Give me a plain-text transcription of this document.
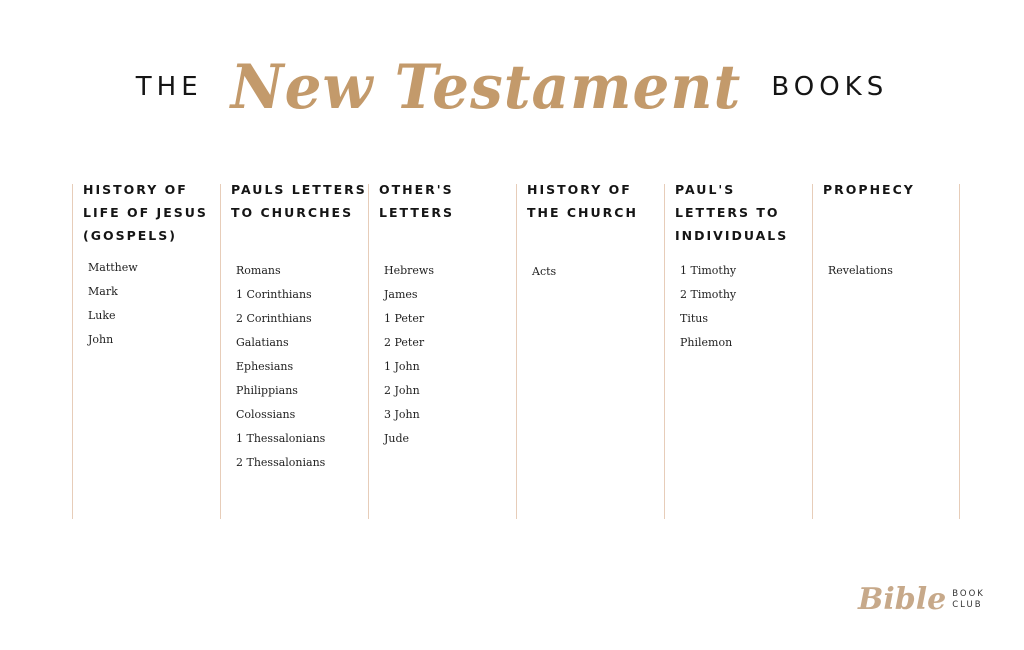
THE New Testament BOOKS
HISTORY OF
LIFE OF JESUS
(GOSPELS)
Matthew
Mark
Luke
John
PAULS LETTERS
TO CHURCHES
Romans
1 Corinthians
2 Corinthians
Galatians
Ephesians
Philippians
Colossians
1 Thessalonians
2 Thessalonians
OTHER'S
LETTERS
Hebrews
James
1 Peter
2 Peter
1 John
2 John
3 John
Jude
HISTORY OF
THE CHURCH
Acts
PAUL'S
LETTERS TO
INDIVIDUALS
1 Timothy
2 Timothy
Titus
Philemon
PROPHECY
Revelations
Bible BOOK
CLUB
